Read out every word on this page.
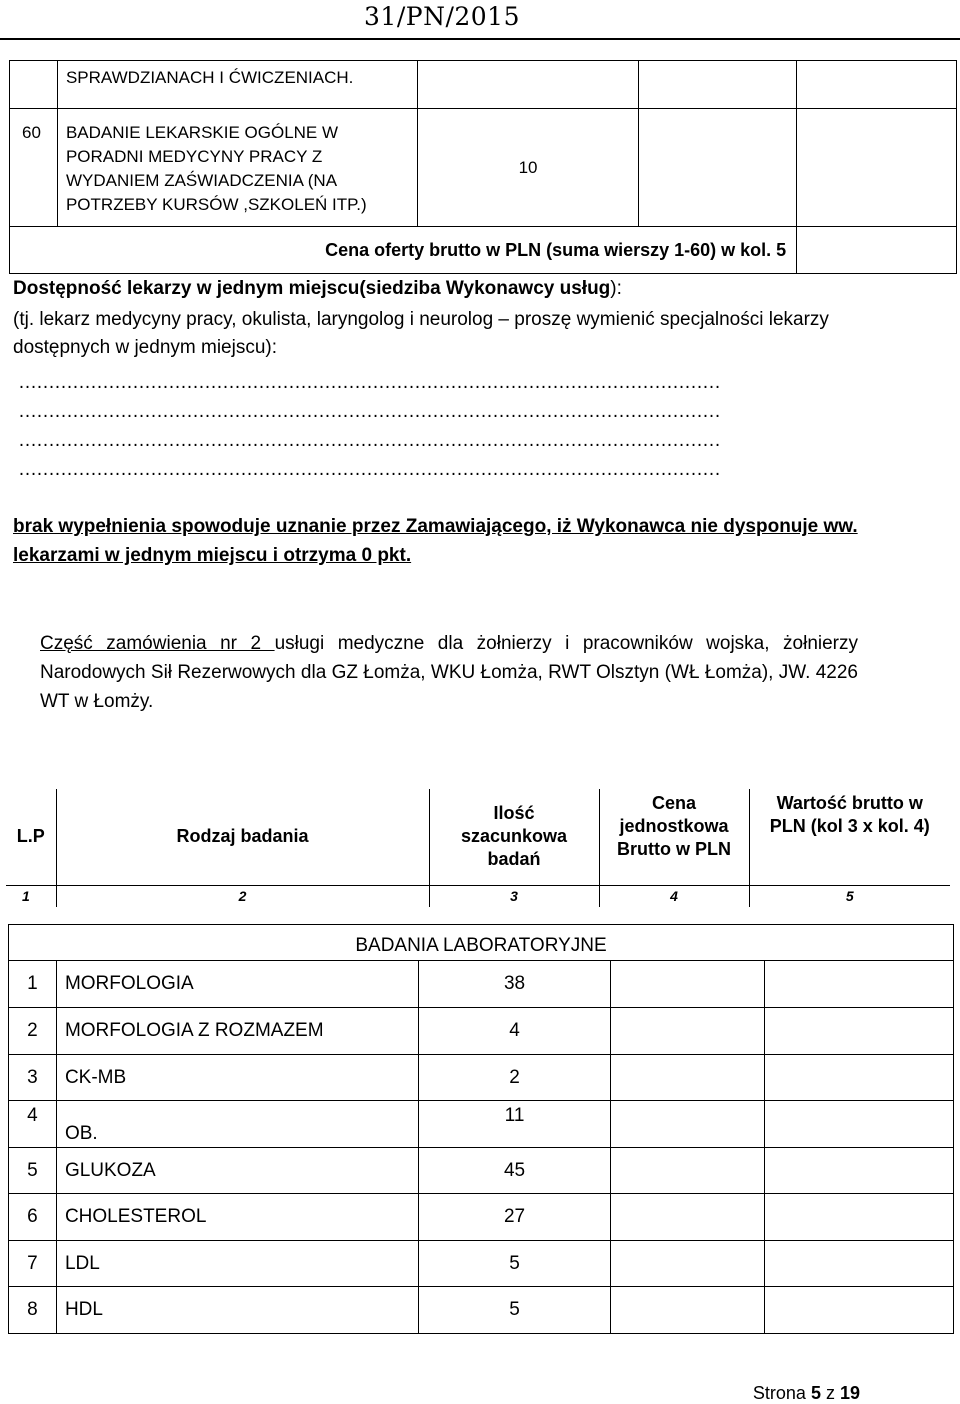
31/PN/2015
	SPRAWDZIANACH I ĆWICZENIACH.			
60	BADANIE LEKARSKIE OGÓLNE W PORADNI MEDYCYNY PRACY Z WYDANIEM ZAŚWIADCZENIA (NA POTRZEBY KURSÓW ,SZKOLEŃ ITP.)	10		
Cena oferty brutto w PLN (suma wierszy 1-60) w kol. 5				
Dostępność lekarzy w jednym miejscu(siedziba Wykonawcy usług):
(tj. lekarz medycyny pracy, okulista, laryngolog i neurolog – proszę wymienić specjalności lekarzy dostępnych w jednym miejscu):
………………………………………………………………………………………………………
………………………………………………………………………………………………………
………………………………………………………………………………………………………
………………………………………………………………………………………………………
brak wypełnienia spowoduje uznanie przez Zamawiającego, iż Wykonawca nie dysponuje ww. lekarzami w jednym miejscu i otrzyma 0 pkt.
Część zamówienia nr 2 usługi medyczne dla żołnierzy i pracowników wojska, żołnierzy Narodowych Sił Rezerwowych dla GZ Łomża, WKU Łomża, RWT Olsztyn (WŁ Łomża), JW. 4226 WT w Łomży.
L.P	Rodzaj badania	Ilość szacunkowa badań	Cena jednostkowa Brutto w PLN	Wartość brutto w PLN (kol 3 x kol. 4)
1	2	3	4	5
BADANIA LABORATORYJNE				
1	MORFOLOGIA	38		
2	MORFOLOGIA Z ROZMAZEM	4		
3	CK-MB	2		
4	OB.	11		
5	GLUKOZA	45		
6	CHOLESTEROL	27		
7	LDL	5		
8	HDL	5		
Strona 5 z 19
